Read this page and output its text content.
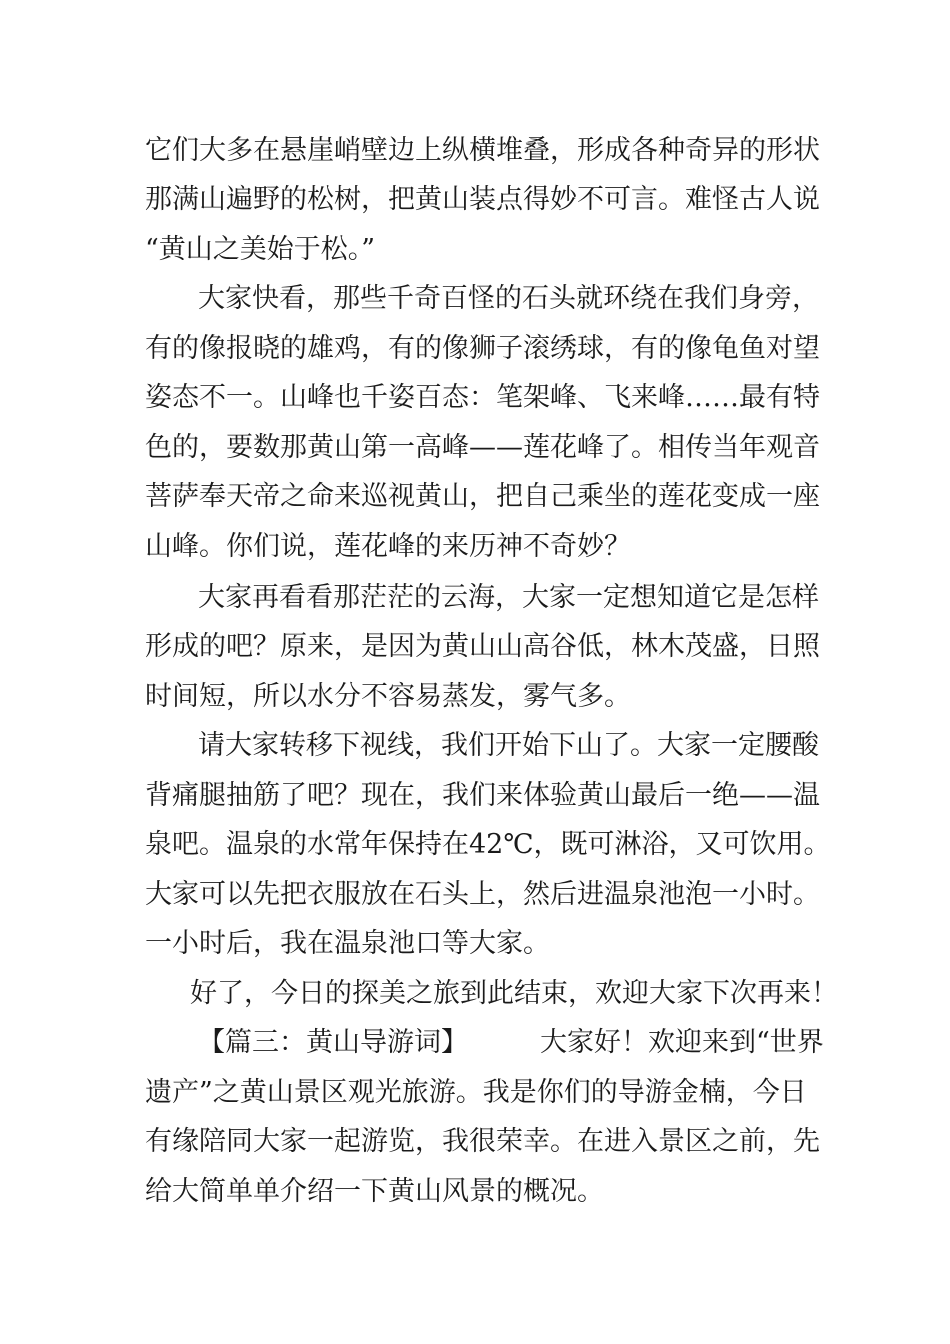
它们大多在悬崖峭壁边上纵横堆叠，形成各种奇异的形状
那满山遍野的松树，把黄山装点得妙不可言。难怪古人说
“黄山之美始于松。”
大家快看，那些千奇百怪的石头就环绕在我们身旁，
有的像报晓的雄鸡，有的像狮子滚绣球，有的像龟鱼对望
姿态不一。山峰也千姿百态：笔架峰、飞来峰……最有特
色的，要数那黄山第一高峰——莲花峰了。相传当年观音
菩萨奉天帝之命来巡视黄山，把自己乘坐的莲花变成一座
山峰。你们说，莲花峰的来历神不奇妙？
大家再看看那茫茫的云海，大家一定想知道它是怎样
形成的吧？原来，是因为黄山山高谷低，林木茂盛，日照
时间短，所以水分不容易蒸发，雾气多。
请大家转移下视线，我们开始下山了。大家一定腰酸
背痛腿抽筋了吧？现在，我们来体验黄山最后一绝——温
泉吧。温泉的水常年保持在42℃，既可淋浴，又可饮用。
大家可以先把衣服放在石头上，然后进温泉池泡一小时。
一小时后，我在温泉池口等大家。
好了，今日的探美之旅到此结束，欢迎大家下次再来！
【篇三：黄山导游词】	大家好！欢迎来到“世界
遗产”之黄山景区观光旅游。我是你们的导游金楠，今日
有缘陪同大家一起游览，我很荣幸。在进入景区之前，先
给大简单单介绍一下黄山风景的概况。
